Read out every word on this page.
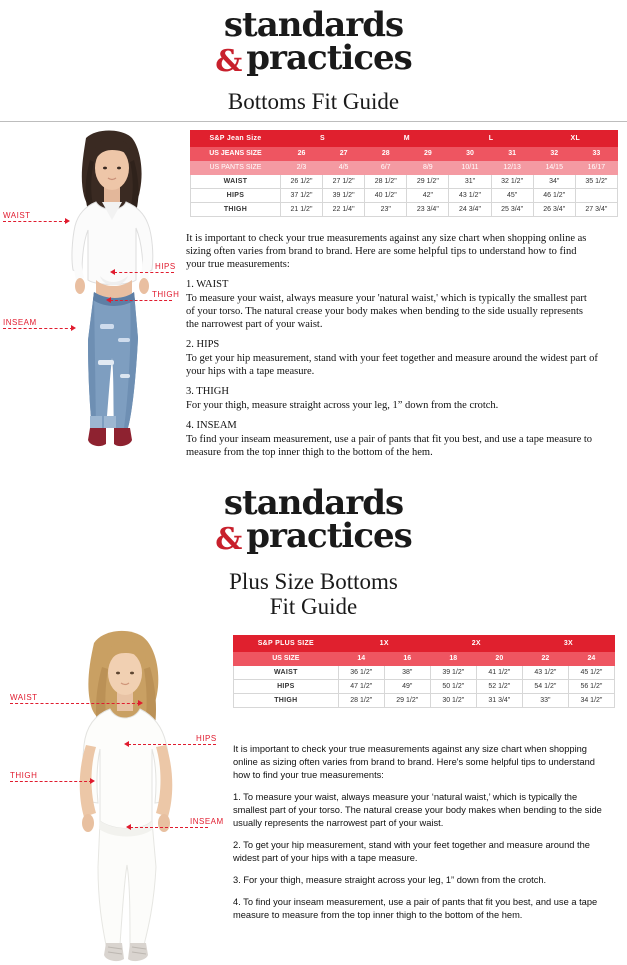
standards
& practices
Bottoms Fit Guide
WAIST
HIPS
THIGH
INSEAM
S&P Jean Size	S		M		L		XL	
US JEANS SIZE	26	27	28	29	30	31	32	33
US PANTS SIZE	2/3	4/5	6/7	8/9	10/11	12/13	14/15	16/17
WAIST	26 1/2"	27 1/2"	28 1/2"	29 1/2"	31"	32 1/2"	34"	35 1/2"
HIPS	37 1/2"	39 1/2"	40 1/2"	42"	43 1/2"	45"	46 1/2"	
THIGH	21 1/2"	22 1/4"	23"	23 3/4"	24 3/4"	25 3/4"	26 3/4"	27 3/4"

It is important to check your true measurements against any size chart when shopping online as sizing often varies from brand to brand. Here are some helpful tips to understand how to find your true measurements:

1. WAIST

To measure your waist, always measure your 'natural waist,' which is typically the smallest part of your torso. The natural crease your body makes when bending to the side usually represents the narrowest part of your waist.

2. HIPS

To get your hip measurement, stand with your feet together and measure around the widest part of your hips with a tape measure.

3. THIGH

For your thigh, measure straight across your leg, 1” down from the crotch.

4. INSEAM

To find your inseam measurement, use a pair of pants that fit you best, and use a tape measure to measure from the top inner thigh to the bottom of the hem.

standards
& practices
Plus Size Bottoms
Fit Guide
WAIST
HIPS
THIGH
INSEAM
S&P PLUS SIZE	1X		2X		3X	
US SIZE	14	16	18	20	22	24
WAIST	36 1/2"	38"	39 1/2"	41 1/2"	43 1/2"	45 1/2"
HIPS	47 1/2"	49"	50 1/2"	52 1/2"	54 1/2"	56 1/2"
THIGH	28 1/2"	29 1/2"	30 1/2"	31 3/4"	33"	34 1/2"

It is important to check your true measurements against any size chart when shopping online as sizing often varies from brand to brand. Here's some helpful tips to understand how to find your true measurements:

1. To measure your waist, always measure your ‘natural waist,’ which is typically the smallest part of your torso. The natural crease your body makes when bending to the side usually represents the narrowest part of your waist.

2. To get your hip measurement, stand with your feet together and measure around the widest part of your hips with a tape measure.

3. For your thigh, measure straight across your leg, 1” down from the crotch.

4. To find your inseam measurement, use a pair of pants that fit you best, and use a tape measure to measure from the top inner thigh to the bottom of the hem.
